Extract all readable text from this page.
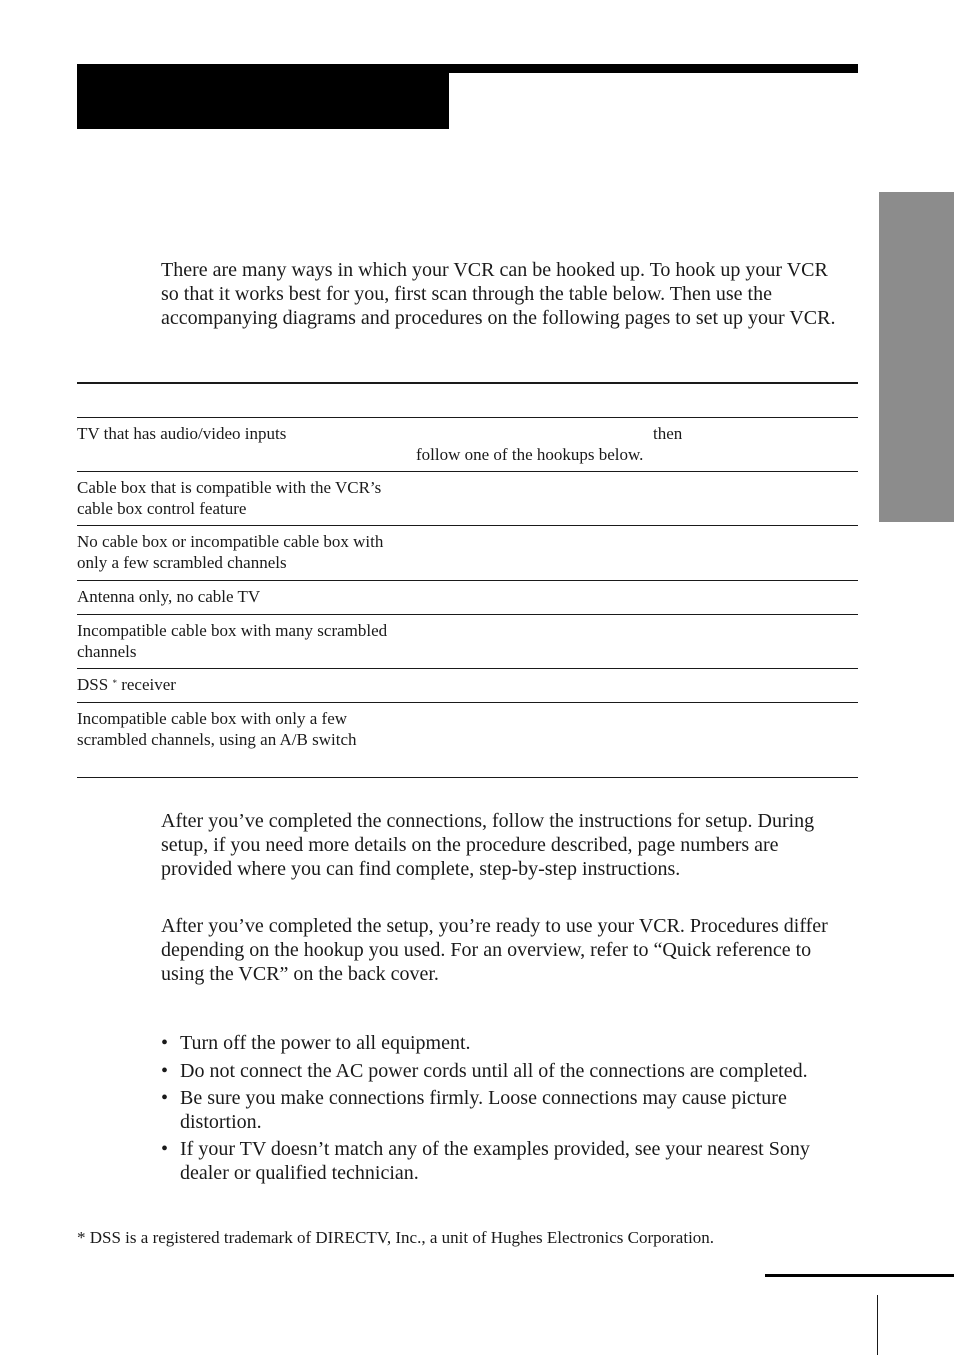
There are many ways in which your VCR can be hooked up. To hook up your VCR so that it works best for you, first scan through the table below. Then use the accompanying diagrams and procedures on the following pages to set up your VCR.

TV that has audio/video inputs	then
follow one of the hookups below.
Cable box that is compatible with the VCR’s cable box control feature
No cable box or incompatible cable box with only a few scrambled channels
Antenna only, no cable TV
Incompatible cable box with many scrambled channels
DSS * receiver
Incompatible cable box with only a few scrambled channels, using an A/B switch

After you’ve completed the connections, follow the instructions for setup. During setup, if you need more details on the procedure described, page numbers are provided where you can find complete, step-by-step instructions.

After you’ve completed the setup, you’re ready to use your VCR. Procedures differ depending on the hookup you used. For an overview, refer to “Quick reference to using the VCR” on the back cover.

• Turn off the power to all equipment.
• Do not connect the AC power cords until all of the connections are completed.
• Be sure you make connections firmly. Loose connections may cause picture distortion.
• If your TV doesn’t match any of the examples provided, see your nearest Sony dealer or qualified technician.

* DSS is a registered trademark of DIRECTV, Inc., a unit of Hughes Electronics Corporation.
